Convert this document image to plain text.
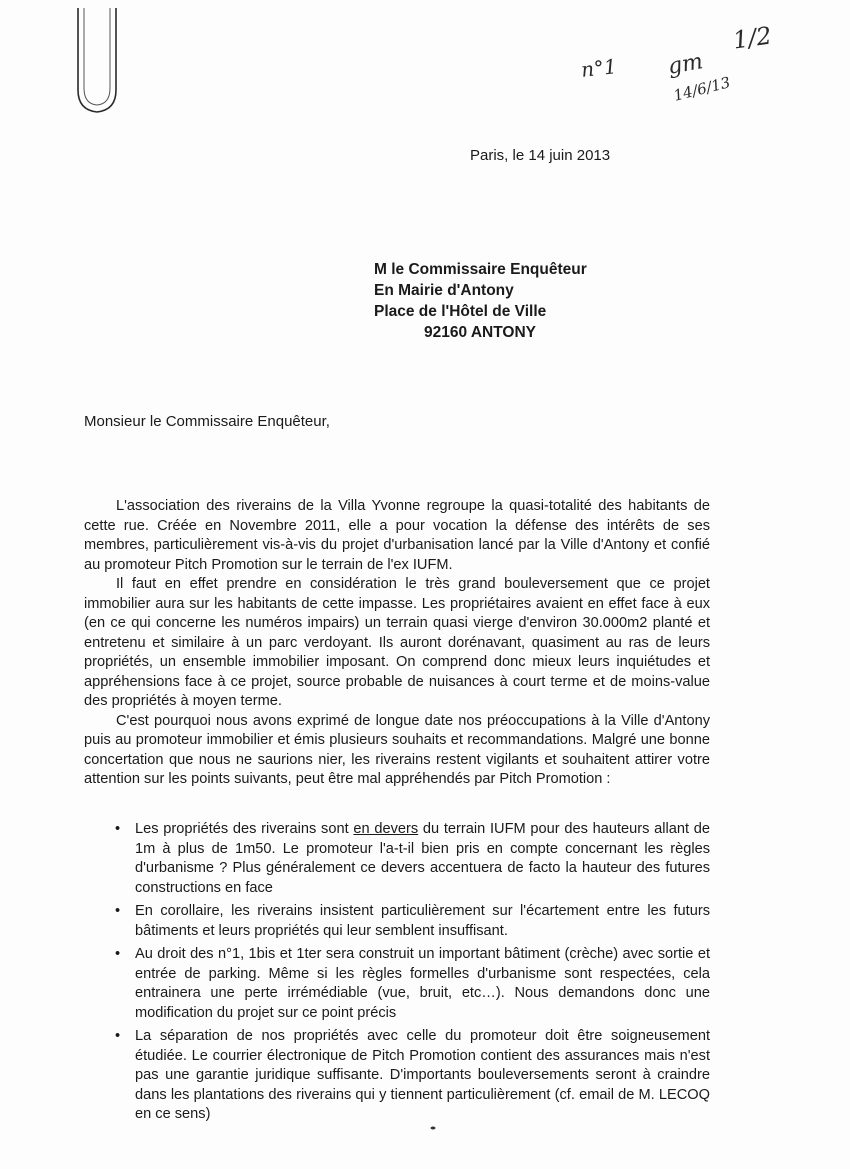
n°1 gm
1/2
14/6/13
Paris, le 14 juin 2013
M le Commissaire Enquêteur
En Mairie d'Antony
Place de l'Hôtel de Ville
92160 ANTONY
Monsieur le Commissaire Enquêteur,

L'association des riverains de la Villa Yvonne regroupe la quasi-totalité des habitants de cette rue. Créée en Novembre 2011, elle a pour vocation la défense des intérêts de ses membres, particulièrement vis-à-vis du projet d'urbanisation lancé par la Ville d'Antony et confié au promoteur Pitch Promotion sur le terrain de l'ex IUFM.

Il faut en effet prendre en considération le très grand bouleversement que ce projet immobilier aura sur les habitants de cette impasse. Les propriétaires avaient en effet face à eux (en ce qui concerne les numéros impairs) un terrain quasi vierge d'environ 30.000m2 planté et entretenu et similaire à un parc verdoyant. Ils auront dorénavant, quasiment au ras de leurs propriétés, un ensemble immobilier imposant. On comprend donc mieux leurs inquiétudes et appréhensions face à ce projet, source probable de nuisances à court terme et de moins-value des propriétés à moyen terme.

C'est pourquoi nous avons exprimé de longue date nos préoccupations à la Ville d'Antony puis au promoteur immobilier et émis plusieurs souhaits et recommandations. Malgré une bonne concertation que nous ne saurions nier, les riverains restent vigilants et souhaitent attirer votre attention sur les points suivants, peut être mal appréhendés par Pitch Promotion :

• Les propriétés des riverains sont en devers du terrain IUFM pour des hauteurs allant de 1m à plus de 1m50. Le promoteur l'a-t-il bien pris en compte concernant les règles d'urbanisme ? Plus généralement ce devers accentuera de facto la hauteur des futures constructions en face
• En corollaire, les riverains insistent particulièrement sur l'écartement entre les futurs bâtiments et leurs propriétés qui leur semblent insuffisant.
• Au droit des n°1, 1bis et 1ter sera construit un important bâtiment (crèche) avec sortie et entrée de parking. Même si les règles formelles d'urbanisme sont respectées, cela entrainera une perte irrémédiable (vue, bruit, etc…). Nous demandons donc une modification du projet sur ce point précis
• La séparation de nos propriétés avec celle du promoteur doit être soigneusement étudiée. Le courrier électronique de Pitch Promotion contient des assurances mais n'est pas une garantie juridique suffisante. D'importants bouleversements seront à craindre dans les plantations des riverains qui y tiennent particulièrement (cf. email de M. LECOQ en ce sens)
